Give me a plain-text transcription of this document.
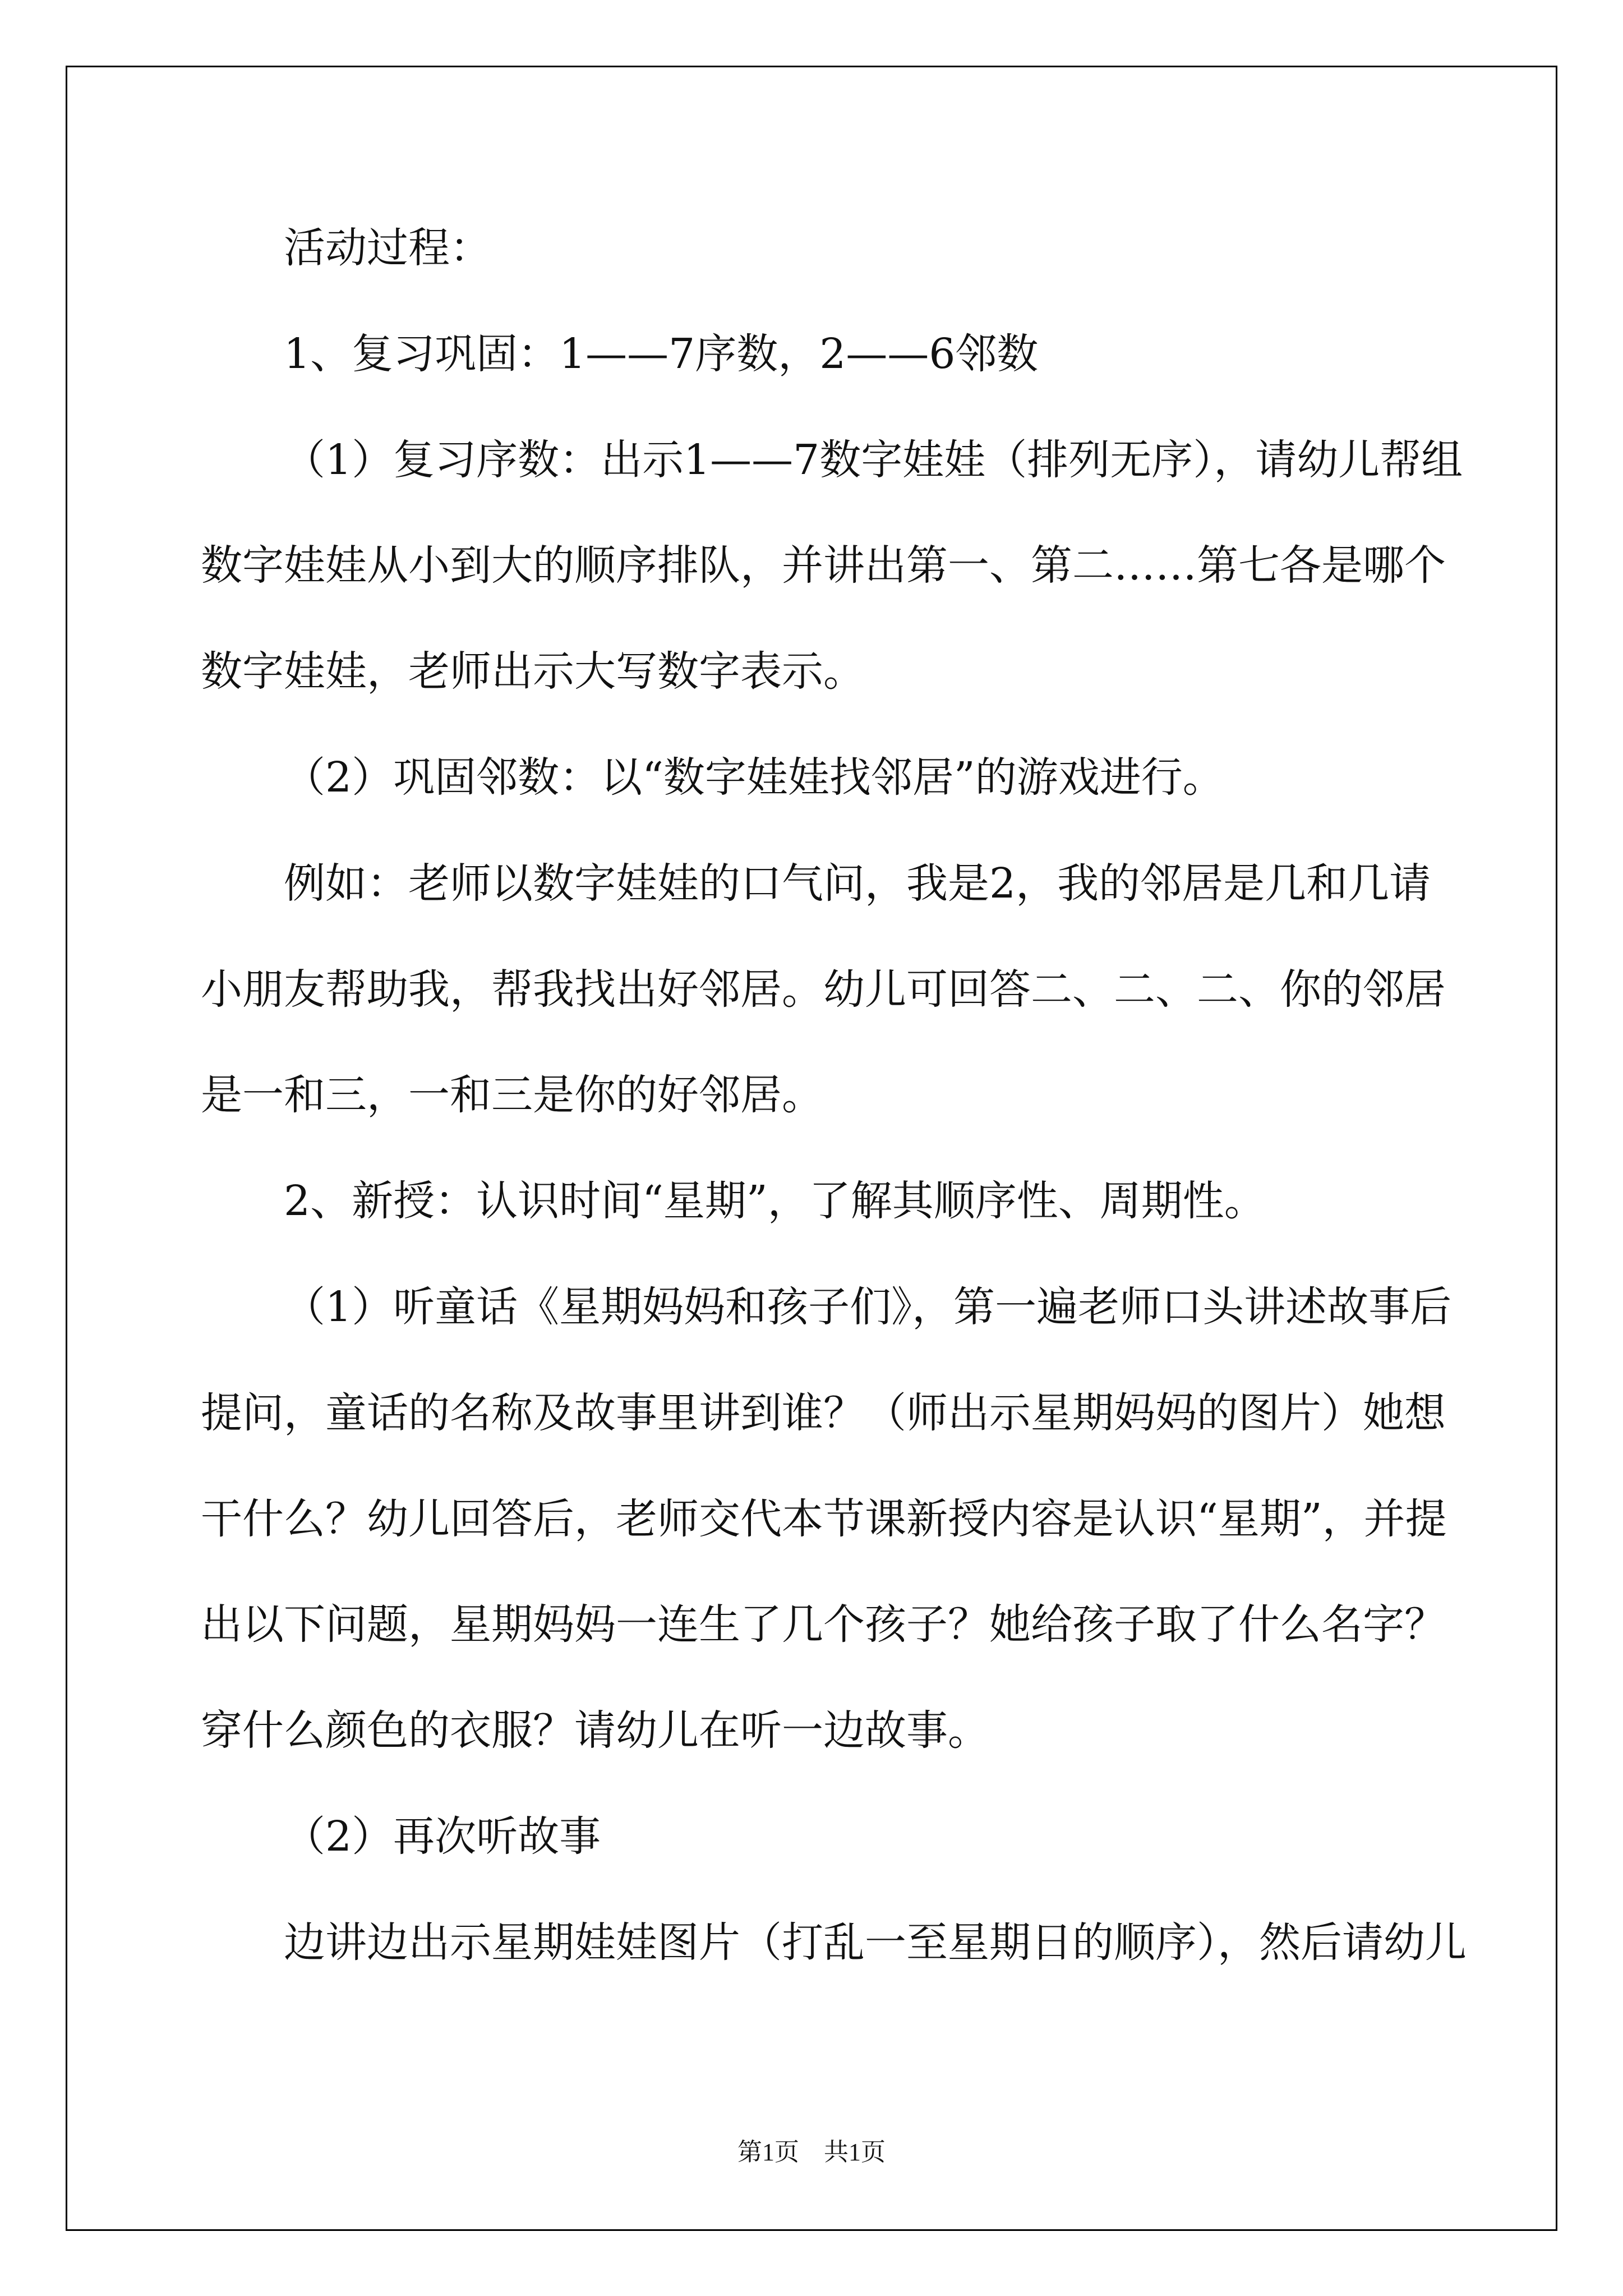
活动过程：
1、复习巩固：1——7序数，2——6邻数
（1）复习序数：出示1——7数字娃娃（排列无序），请幼儿帮组
数字娃娃从小到大的顺序排队，并讲出第一、第二……第七各是哪个
数字娃娃，老师出示大写数字表示。
（2）巩固邻数：以“数字娃娃找邻居”的游戏进行。
例如：老师以数字娃娃的口气问，我是2，我的邻居是几和几请
小朋友帮助我，帮我找出好邻居。幼儿可回答二、二、二、你的邻居
是一和三，一和三是你的好邻居。
2、新授：认识时间“星期”，了解其顺序性、周期性。
（1）听童话《星期妈妈和孩子们》，第一遍老师口头讲述故事后
提问，童话的名称及故事里讲到谁？（师出示星期妈妈的图片）她想
干什么？幼儿回答后，老师交代本节课新授内容是认识“星期”，并提
出以下问题，星期妈妈一连生了几个孩子？她给孩子取了什么名字？
穿什么颜色的衣服？请幼儿在听一边故事。
（2）再次听故事
边讲边出示星期娃娃图片（打乱一至星期日的顺序），然后请幼儿
第1页　共1页
